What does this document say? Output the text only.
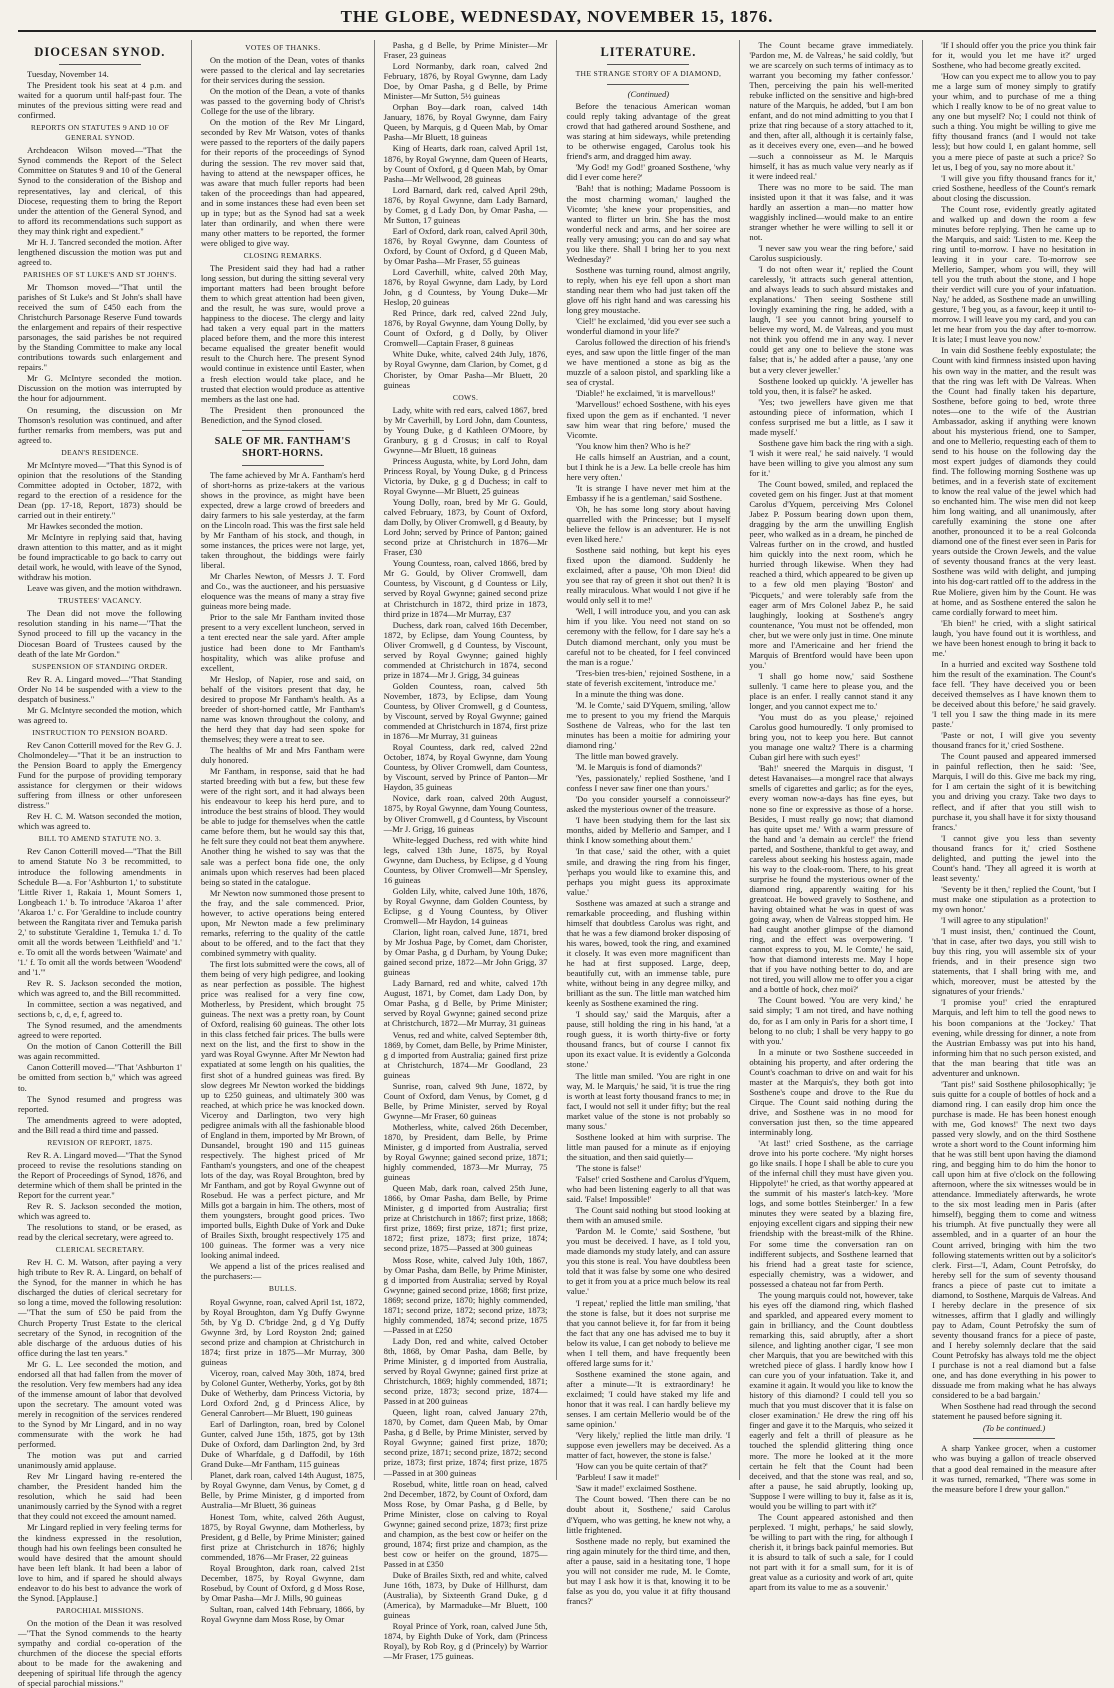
THE GLOBE, WEDNESDAY, NOVEMBER 15, 1876.
DIOCESAN SYNOD.

Tuesday, November 14.

The President took his seat at 4 p.m. and waited for a quorum until half-past four. The minutes of the previous sitting were read and confirmed.

REPORTS ON STATUTES 9 AND 10 OF GENERAL SYNOD.

Archdeacon Wilson moved—"That the Synod commends the Report of the Select Committee on Statutes 9 and 10 of the General Synod to the consideration of the Bishop and representatives, lay and clerical, of this Diocese, requesting them to bring the Report under the attention of the General Synod, and to afford its recommendations such support as they may think right and expedient."

Mr H. J. Tancred seconded the motion. After lengthened discussion the motion was put and agreed to.

PARISHES OF ST LUKE'S AND ST JOHN'S.

Mr Thomson moved—"That until the parishes of St Luke's and St John's shall have received the sum of £450 each from the Christchurch Parsonage Reserve Fund towards the enlargement and repairs of their respective parsonages, the said parishes be not required by the Standing Committee to make any local contributions towards such enlargement and repairs."

Mr G. McIntyre seconded the motion. Discussion on the motion was interrupted by the hour for adjournment.

On resuming, the discussion on Mr Thomson's resolution was continued, and after further remarks from members, was put and agreed to.

DEAN'S RESIDENCE.

Mr McIntyre moved—"That this Synod is of opinion that the resolutions of the Standing Committee adopted in October, 1872, with regard to the erection of a residence for the Dean (pp. 17-18, Report, 1873) should be carried out in their entirety."

Mr Hawkes seconded the motion.

Mr McIntyre in replying said that, having drawn attention to this matter, and as it might be found impracticable to go back to carry out detail work, he would, with leave of the Synod, withdraw his motion.

Leave was given, and the motion withdrawn.

TRUSTEES' VACANCY.

The Dean did not move the following resolution standing in his name—"That the Synod proceed to fill up the vacancy in the Diocesan Board of Trustees caused by the death of the late Mr Gordon."

SUSPENSION OF STANDING ORDER.

Rev R. A. Lingard moved—"That Standing Order No 14 be suspended with a view to the despatch of business."

Mr G. McIntyre seconded the motion, which was agreed to.

INSTRUCTION TO PENSION BOARD.

Rev Canon Cotterill moved for the Rev G. J. Cholmondeley—"That it be an instruction to the Pension Board to apply the Emergency Fund for the purpose of providing temporary assistance for clergymen or their widows suffering from illness or other unforeseen distress."

Rev H. C. M. Watson seconded the motion, which was agreed to.

BILL TO AMEND STATUTE NO. 3.

Rev Canon Cotterill moved—"That the Bill to amend Statute No 3 be recommitted, to introduce the following amendments in Schedule B—a. For 'Ashburton 1,' to substitute 'Little River 1, Rakaia 1, Mount Somers 1, Longbeach 1.' b. To introduce 'Akaroa 1' after 'Akaroa 1.' c. For 'Geraldine to include country between the Rangitata river and Temuka parish 2,' to substitute 'Geraldine 1, Temuka 1.' d. To omit all the words between 'Leithfield' and '1.' e. To omit all the words between 'Waimate' and '1.' f. To omit all the words between 'Woodend' and '1.'"

Rev R. S. Jackson seconded the motion, which was agreed to, and the Bill recommitted.

In committee, section a was negatived, and sections b, c, d, e, f, agreed to.

The Synod resumed, and the amendments agreed to were reported.

On the motion of Canon Cotterill the Bill was again recommitted.

Canon Cotterill moved—"That 'Ashburton 1' be omitted from section b," which was agreed to.

The Synod resumed and progress was reported.

The amendments agreed to were adopted, and the Bill read a third time and passed.

REVISION OF REPORT, 1875.

Rev R. A. Lingard moved—"That the Synod proceed to revise the resolutions standing on the Report of Proceedings of Synod, 1876, and determine which of them shall be printed in the Report for the current year."

Rev R. S. Jackson seconded the motion, which was agreed to.

The resolutions to stand, or be erased, as read by the clerical secretary, were agreed to.

CLERICAL SECRETARY.

Rev H. C. M. Watson, after paying a very high tribute to Rev R. A. Lingard, on behalf of the Synod, for the manner in which he has discharged the duties of clerical secretary for so long a time, moved the following resolution:—"That the sum of £50 be paid from the Church Property Trust Estate to the clerical secretary of the Synod, in recognition of the able discharge of the arduous duties of his office during the last ten years."

Mr G. L. Lee seconded the motion, and endorsed all that had fallen from the mover of the resolution. Very few members had any idea of the immense amount of labor that devolved upon the secretary. The amount voted was merely in recognition of the services rendered to the Synod by Mr Lingard, and in no way commensurate with the work he had performed.

The motion was put and carried unanimously amid applause.

Rev Mr Lingard having re-entered the chamber, the President handed him the resolution, which he said had been unanimously carried by the Synod with a regret that they could not exceed the amount named.

Mr Lingard replied in very feeling terms for the kindness expressed in the resolution, though had his own feelings been consulted he would have desired that the amount should have been left blank. It had been a labor of love to him, and if spared he should always endeavor to do his best to advance the work of the Synod. [Applause.]

PAROCHIAL MISSIONS.

On the motion of the Dean it was resolved—"That the Synod commends to the hearty sympathy and cordial co-operation of the churchmen of the diocese the special efforts about to be made for the awakening and deepening of spiritual life through the agency of special parochial missions."

VOTES OF THANKS.

On the motion of the Dean, votes of thanks were passed to the clerical and lay secretaries for their services during the session.

On the motion of the Dean, a vote of thanks was passed to the governing body of Christ's College for the use of the library.

On the motion of the Rev Mr Lingard, seconded by Rev Mr Watson, votes of thanks were passed to the reporters of the daily papers for their reports of the proceedings of Synod during the session. The rev mover said that, having to attend at the newspaper offices, he was aware that much fuller reports had been taken of the proceedings than had appeared, and in some instances these had even been set up in type; but as the Synod had sat a week later than ordinarily, and when there were many other matters to be reported, the former were obliged to give way.

CLOSING REMARKS.

The President said they had had a rather long session, but during the sitting several very important matters had been brought before them to which great attention had been given, and the result, he was sure, would prove a happiness to the diocese. The clergy and laity had taken a very equal part in the matters placed before them, and the more this interest became equalised the greater benefit would result to the Church here. The present Synod would continue in existence until Easter, when a fresh election would take place, and he trusted that election would produce as attentive members as the last one had.

The President then pronounced the Benediction, and the Synod closed.

SALE OF MR. FANTHAM'S SHORT-HORNS.

The fame achieved by Mr A. Fantham's herd of short-horns as prize-takers at the various shows in the province, as might have been expected, drew a large crowd of breeders and dairy farmers to his sale yesterday, at the farm on the Lincoln road. This was the first sale held by Mr Fantham of his stock, and though, in some instances, the prices were not large, yet, taken throughout, the biddings were fairly liberal.

Mr Charles Newton, of Messrs J. T. Ford and Co., was the auctioneer, and his persuasive eloquence was the means of many a stray five guineas more being made.

Prior to the sale Mr Fantham invited those present to a very excellent luncheon, served in a tent erected near the sale yard. After ample justice had been done to Mr Fantham's hospitality, which was alike profuse and excellent,

Mr Heslop, of Napier, rose and said, on behalf of the visitors present that day, he desired to propose Mr Fantham's health. As a breeder of short-horned cattle, Mr Fantham's name was known throughout the colony, and the herd they that day had seen spoke for themselves; they were a treat to see.

The healths of Mr and Mrs Fantham were duly honored.

Mr Fantham, in response, said that he had started breeding with but a few, but these few were of the right sort, and it had always been his endeavour to keep his herd pure, and to introduce the best strains of blood. They would be able to judge for themselves when the cattle came before them, but he would say this that, he felt sure they could not beat them anywhere. Another thing he wished to say was that the sale was a perfect bona fide one, the only animals upon which reserves had been placed being so stated in the catalogue.

Mr Newton now summoned those present to the fray, and the sale commenced. Prior, however, to active operations being entered upon, Mr Newton made a few preliminary remarks, referring to the quality of the cattle about to be offered, and to the fact that they combined symmetry with quality.

The first lots submitted were the cows, all of them being of very high pedigree, and looking as near perfection as possible. The highest price was realised for a very fine cow, Motherless, by President, which brought 75 guineas. The next was a pretty roan, by Count of Oxford, realising 60 guineas. The other lots in this class fetched fair prices. The bulls were next on the list, and the first to show in the yard was Royal Gwynne. After Mr Newton had expatiated at some length on his qualities, the first shot of a hundred guineas was fired. By slow degrees Mr Newton worked the biddings up to £250 guineas, and ultimately 300 was reached, at which price he was knocked down. Viceroy and Darlington, two very high pedigree animals with all the fashionable blood of England in them, imported by Mr Brown, of Dunsandel, brought 190 and 115 guineas respectively. The highest priced of Mr Fantham's youngsters, and one of the cheapest lots of the day, was Royal Broughton, bred by Mr Fantham, and got by Royal Gwynne out of Rosebud. He was a perfect picture, and Mr Mills got a bargain in him. The others, most of them youngsters, brought good prices. Two imported bulls, Eighth Duke of York and Duke of Brailes Sixth, brought respectively 175 and 100 guineas. The former was a very nice looking animal indeed.

We append a list of the prices realised and the purchasers:—

BULLS.

Royal Gwynne, roan, calved April 1st, 1872, by Royal Broughton, dam Yg Duffy Gwynne 5th, by Yg D. C'bridge 2nd, g d Yg Duffy Gwynne 3rd, by Lord Royston 2nd; gained second prize and champion at Christchurch in 1874; first prize in 1875—Mr Murray, 300 guineas

Viceroy, roan, calved May 30th, 1874, bred by Colonel Gunter, Wetherby, Yorks, got by 8th Duke of Wetherby, dam Princess Victoria, by Lord Oxford 2nd, g d Princess Alice, by General Canrobert—Mr Bluett, 190 guineas

Earl of Darlington, roan, bred by Colonel Gunter, calved June 15th, 1875, got by 13th Duke of Oxford, dam Darlington 2nd, by 3rd Duke of Wharfdale, g d Daffodil, by 16th Grand Duke—Mr Fantham, 115 guineas

Planet, dark roan, calved 14th August, 1875, by Royal Gwynne, dam Venus, by Comet, g d Belle, by Prime Minister, g d imported from Australia—Mr Bluett, 36 guineas

Honest Tom, white, calved 26th August, 1875, by Royal Gwynne, dam Motherless, by President, g d Belle, by Prime Minister; gained first prize at Christchurch in 1876; highly commended, 1876—Mr Fraser, 22 guineas

Royal Broughton, dark roan, calved 21st December, 1875, by Royal Gwynne, dam Rosebud, by Count of Oxford, g d Moss Rose, by Omar Pasha—Mr J. Mills, 90 guineas

Sultan, roan, calved 14th February, 1866, by Royal Gwynne dam Moss Rose, by Omar

Pasha, g d Belle, by Prime Minister—Mr Fraser, 23 guineas

Lord Normanby, dark roan, calved 2nd February, 1876, by Royal Gwynne, dam Lady Doe, by Omar Pasha, g d Belle, by Prime Minister—Mr Sutton, 5½ guineas

Orphan Boy—dark roan, calved 14th January, 1876, by Royal Gwynne, dam Fairy Queen, by Marquis, g d Queen Mab, by Omar Pasha—Mr Bluett, 18 guineas

King of Hearts, dark roan, calved April 1st, 1876, by Royal Gwynne, dam Queen of Hearts, by Count of Oxford, g d Queen Mab, by Omar Pasha—Mr Wellwood, 28 guineas

Lord Barnard, dark red, calved April 29th, 1876, by Royal Gwynne, dam Lady Barnard, by Comet, g d Lady Don, by Omar Pasha, —Mr Sutton, 17 guineas

Earl of Oxford, dark roan, calved April 30th, 1876, by Royal Gwynne, dam Countess of Oxford, by Count of Oxford, g d Queen Mab, by Omar Pasha—Mr Fraser, 55 guineas

Lord Caverhill, white, calved 20th May, 1876, by Royal Gwynne, dam Lady, by Lord John, g d Countess, by Young Duke—Mr Heslop, 20 guineas

Red Prince, dark red, calved 22nd July, 1876, by Royal Gwynne, dam Young Dolly, by Count of Oxford, g d Dolly, by Oliver Cromwell—Captain Fraser, 8 guineas

White Duke, white, calved 24th July, 1876, by Royal Gwynne, dam Clarion, by Comet, g d Chorister, by Omar Pasha—Mr Bluett, 20 guineas

COWS.

Lady, white with red ears, calved 1867, bred by Mr Caverhill, by Lord John, dam Countess, by Young Duke, g d Kathleen O'Moore, by Granbury, g g d Crosus; in calf to Royal Gwynne—Mr Bluett, 18 guineas

Princess Augusta, white, by Lord John, dam Princess Royal, by Young Duke, g d Princess Victoria, by Duke, g g d Duchess; in calf to Royal Gwynne—Mr Bluett, 25 guineas

Young Dolly, roan, bred by Mr G. Gould, calved February, 1873, by Count of Oxford, dam Dolly, by Oliver Cromwell, g d Beauty, by Lord John; served by Prince of Panton; gained second prize at Christchurch in 1876—Mr Fraser, £30

Young Countess, roan, calved 1866, bred by Mr G. Gould, by Oliver Cromwell, dam Countess, by Viscount, g d Countess or Lily, served by Royal Gwynne; gained second prize at Christchurch in 1872, third prize in 1873, third prize in 1874—Mr Murray, £37

Duchess, dark roan, calved 16th December, 1872, by Eclipse, dam Young Countess, by Oliver Cromwell, g d Countess, by Viscount, served by Royal Gwynne; gained highly commended at Christchurch in 1874, second prize in 1874—Mr J. Grigg, 34 guineas

Golden Countess, roan, calved 5th November, 1873, by Eclipse, dam Young Countess, by Oliver Cromwell, g d Countess, by Viscount, served by Royal Gwynne; gained commended at Christchurch in 1874, first prize in 1876—Mr Murray, 31 guineas

Royal Countess, dark red, calved 22nd October, 1874, by Royal Gwynne, dam Young Countess, by Oliver Cromwell, dam Countess, by Viscount, served by Prince of Panton—Mr Haydon, 35 guineas

Novice, dark roan, calved 20th August, 1875, by Royal Gwynne, dam Young Countess, by Oliver Cromwell, g d Countess, by Viscount—Mr J. Grigg, 16 guineas

White-legged Duchess, red with white hind legs, calved 13th June, 1875, by Royal Gwynne, dam Duchess, by Eclipse, g d Young Countess, by Oliver Cromwell—Mr Spensley, 16 guineas

Golden Lily, white, calved June 10th, 1876, by Royal Gwynne, dam Golden Countess, by Eclipse, g d Young Countess, by Oliver Cromwell—Mr Haydon, 14 guineas

Clarion, light roan, calved June, 1871, bred by Mr Joshua Page, by Comet, dam Chorister, by Omar Pasha, g d Durham, by Young Duke; gained second prize, 1872—Mr John Grigg, 37 guineas

Lady Barnard, red and white, calved 17th August, 1871, by Comet, dam Lady Don, by Omar Pasha, g d Belle, by Prime Minister; served by Royal Gwynne; gained second prize at Christchurch, 1872—Mr Murray, 31 guineas

Venus, red and white, calved September 8th, 1869, by Comet, dam Belle, by Prime Minister, g d imported from Australia; gained first prize at Christchurch, 1874—Mr Goodland, 23 guineas

Sunrise, roan, calved 9th June, 1872, by Count of Oxford, dam Venus, by Comet, g d Belle, by Prime Minister, served by Royal Gwynne—Mr Fraser, 60 guineas

Motherless, white, calved 26th December, 1870, by President, dam Belle, by Prime Minister, g d imported from Australia, served by Royal Gwynne; gained second prize, 1871; highly commended, 1873—Mr Murray, 75 guineas

Queen Mab, dark roan, calved 25th June, 1866, by Omar Pasha, dam Belle, by Prime Minister, g d imported from Australia; first prize at Christchurch in 1867; first prize, 1868; first prize, 1869; first prize, 1871; first prize, 1872; first prize, 1873; first prize, 1874; second prize, 1875—Passed at 300 guineas

Moss Rose, white, calved July 10th, 1867, by Omar Pasha, dam Belle, by Prime Minister, g d imported from Australia; served by Royal Gwynne; gained second prize, 1868; first prize, 1869; second prize, 1870; highly commended, 1871; second prize, 1872; second prize, 1873; highly commended, 1874; second prize, 1875—Passed in at £250

Lady Don, red and white, calved October 8th, 1868, by Omar Pasha, dam Belle, by Prime Minister, g d imported from Australia, served by Royal Gwynne; gained first prize at Christchurch, 1869; highly commended, 1871; second prize, 1873; second prize, 1874—Passed in at 200 guineas

Queen, light roan, calved January 27th, 1870, by Comet, dam Queen Mab, by Omar Pasha, g d Belle, by Prime Minister, served by Royal Gwynne; gained first prize, 1870; second prize, 1871; second prize, 1872; second prize, 1873; first prize, 1874; first prize, 1875—Passed in at 300 guineas

Rosebud, white, little roan on head, calved 2nd December, 1872, by Count of Oxford, dam Moss Rose, by Omar Pasha, g d Belle, by Prime Minister, close on calving to Royal Gwynne; gained second prize, 1873; first prize and champion, as the best cow or heifer on the ground, 1874; first prize and champion, as the best cow or heifer on the ground, 1875—Passed in at £350

Duke of Brailes Sixth, red and white, calved June 16th, 1873, by Duke of Hillhurst, dam (Australia), by Sixteenth Grand Duke, g d (America), by Marmaduke—Mr Bluett, 100 guineas

Royal Prince of York, roan, calved June 5th, 1874, by Eighth Duke of York, dam (Princess Royal), by Rob Roy, g d (Princely) by Warrior—Mr Fraser, 175 guineas.

LITERATURE.
THE STRANGE STORY OF A DIAMOND,
(Continued)

Before the tenacious American woman could reply taking advantage of the great crowd that had gathered around Sosthene, and was staring at him sideways, while pretending to be otherwise engaged, Carolus took his friend's arm, and dragged him away.

'My God! my God!' groaned Sosthene, 'why did I ever come here?'

'Bah! that is nothing; Madame Possoom is the most charming woman,' laughed the Vicomte; 'she knew your propensities, and wanted to flirter un brin. She has the most wonderful neck and arms, and her soiree are really very amusing; you can do and say what you like there. Shall I bring her to you next Wednesday?'

Sosthene was turning round, almost angrily, to reply, when his eye fell upon a short man standing near them who had just taken off the glove off his right hand and was caressing his long grey moustache.

'Ciel!' he exclaimed, 'did you ever see such a wonderful diamond in your life?'

Carolus followed the direction of his friend's eyes, and saw upon the little finger of the man we have mentioned a stone as big as the muzzle of a saloon pistol, and sparkling like a sea of crystal.

'Diable!' he exclaimed, 'it is marvellous!'

'Marvellous!' echoed Sosthene, with his eyes fixed upon the gem as if enchanted. 'I never saw him wear that ring before,' mused the Vicomte.

'You know him then? Who is he?'

He calls himself an Austrian, and a count, but I think he is a Jew. La belle creole has him here very often.'

'It is strange I have never met him at the Embassy if he is a gentleman,' said Sosthene.

'Oh, he has some long story about having quarrelled with the Princesse; but I myself believe the fellow is an adventurer. He is not even liked here.'

Sosthene said nothing, but kept his eyes fixed upon the diamond. Suddenly he exclaimed, after a pause, 'Oh mon Dieu! did you see that ray of green it shot out then? It is really miraculous. What would I not give if he would only sell it to me!'

'Well, I will introduce you, and you can ask him if you like. You need not stand on so ceremony with the fellow, for I dare say he's a Dutch diamond merchant, only you must be careful not to be cheated, for I feel convinced the man is a rogue.'

'Tres-bien tres-bien,' rejoined Sosthene, in a state of feverish excitement, 'introduce me.'

In a minute the thing was done.

'M. le Comte,' said D'Yquem, smiling, 'allow me to present to you my friend the Marquis Sosthene de Valreas, who for the last ten minutes has been a moitie for admiring your diamond ring.'

The little man bowed gravely.

'M. le Marquis is fond of diamonds?'

'Yes, passionately,' replied Sosthene, 'and I confess I never saw finer one than yours.'

'Do you consider yourself a connoisseur?' asked the mysterious owner of the treasure.

'I have been studying them for the last six months, aided by Mellerio and Samper, and I think I know something about them.'

'In that case,' said the other, with a quiet smile, and drawing the ring from his finger, 'perhaps you would like to examine this, and perhaps you might guess its approximate value.'

Sosthene was amazed at such a strange and remarkable proceeding, and flushing within himself that doubtless Carolus was right, and that he was a few diamond broker disposing of his wares, bowed, took the ring, and examined it closely. It was even more magnificent than he had at first supposed. Large, deep, beautifully cut, with an immense table, pure white, without being in any degree milky, and brilliant as the sun. The little man watched him keenly as Sosthene examined the ring.

'I should say,' said the Marquis, after a pause, still holding the ring in his hand, 'at a rough guess, it is worth thirty-five or forty thousand francs, but of course I cannot fix upon its exact value. It is evidently a Golconda stone.'

The little man smiled. 'You are right in one way, M. le Marquis,' he said, 'it is true the ring is worth at least forty thousand francs to me; in fact, I would not sell it under fifty; but the real market value of the stone is not probably so many sous.'

Sosthene looked at him with surprise. The little man paused for a minute as if enjoying the situation, and then said quietly—

'The stone is false!'

'False!' cried Sosthene and Carolus d'Yquem, who had been listening eagerly to all that was said. 'False! Impossible!'

The Count said nothing but stood looking at them with an amused smile.

'Pardon M. le Comte,' said Sosthene, 'but you must be deceived. I have, as I told you, made diamonds my study lately, and can assure you this stone is real. You have doubtless been told that it was false by some one who desired to get it from you at a price much below its real value.'

'I repeat,' replied the little man smiling, 'that the stone is false, but it does not surprise me that you cannot believe it, for far from it being the fact that any one has advised me to buy it below its value, I can get nobody to believe me when I tell them, and have frequently been offered large sums for it.'

Sosthene examined the stone again, and after a minute—'It is extraordinary! he exclaimed; 'I could have staked my life and honor that it was real. I can hardly believe my senses. I am certain Mellerio would be of the same opinion.'

'Very likely,' replied the little man drily. 'I suppose even jewellers may be deceived. As a matter of fact, however, the stone is false.'

'How can you be quite certain of that?'

'Parbleu! I saw it made!'

'Saw it made!' exclaimed Sosthene.

The Count bowed. 'Then there can be no doubt about it, Sosthene,' said Carolus d'Yquem, who was getting, he knew not why, a little frightened.

Sosthene made no reply, but examined the ring again minutely for the third time, and then, after a pause, said in a hesitating tone, 'I hope you will not consider me rude, M. le Comte, but may I ask how it is that, knowing it to be false as you do, you value it at fifty thousand francs?'

The Count became grave immediately. 'Pardon me, M. de Valreas,' he said coldly, 'but we are scarcely on such terms of intimacy as to warrant you becoming my father confessor.' Then, perceiving the pain his well-merited rebuke inflicted on the sensitive and high-bred nature of the Marquis, he added, 'but I am bon enfant, and do not mind admitting to you that I prize that ring because of a story attached to it, and then, after all, although it is certainly false, as it deceives every one, even—and he bowed—such a connoisseur as M. le Marquis himself, it has as much value very nearly as if it were indeed real.'

There was no more to be said. The man insisted upon it that it was false, and it was hardly an assertion a man—no matter how waggishly inclined—would make to an entire stranger whether he were willing to sell it or not.

'I never saw you wear the ring before,' said Carolus suspiciously.

'I do not often wear it,' replied the Count carelessly, 'it attracts such general attention, and always leads to such absurd mistakes and explanations.' Then seeing Sosthene still lovingly examining the ring, he added, with a laugh, 'I see you cannot bring yourself to believe my word, M. de Valreas, and you must not think you offend me in any way. I never could get any one to believe the stone was false; that is,' he added after a pause, 'any one but a very clever jeweller.'

Sosthene looked up quickly. 'A jeweller has told you, then, it is false?' he asked.

'Yes; two jewellers have given me that astounding piece of information, which I confess surprised me but a little, as I saw it made myself.'

Sosthene gave him back the ring with a sigh. 'I wish it were real,' he said naively. 'I would have been willing to give you almost any sum for it.'

The Count bowed, smiled, and replaced the coveted gem on his finger. Just at that moment Carolus d'Yquem, perceiving Mrs Colonel Jabez P. Possum bearing down upon them, dragging by the arm the unwilling English peer, who walked as in a dream, he pinched de Valreas further on in the crowd, and hustled him quickly into the next room, which he hurried through likewise. When they had reached a third, which appeared to be given up to a few old men playing 'Boston' and 'Picquets,' and were tolerably safe from the eager arm of Mrs Colonel Jabez P., he said laughingly, looking at Sosthene's angry countenance, 'You must not be offended, mon cher, but we were only just in time. One minute more and l'Americaine and her friend the Marquis of Brentford would have been upon you.'

'I shall go home now,' said Sosthene sullenly. 'I came here to please you, and the place is an enfer. I really cannot stand it any longer, and you cannot expect me to.'

'You must do as you please,' rejoined Carolus good humouredly. 'I only promised to bring you, not to keep you here. But cannot you manage one waltz? There is a charming Cuban girl here with such eyes!'

'Bah!' sneered the Marquis in disgust, 'I detest Havanaises—a mongrel race that always smells of cigarettes and garlic; as for the eyes, every woman now-a-days has fine eyes, but none so fine or expressive as those of a horse. Besides, I must really go now; that diamond has quite upset me.' With a warm pressure of the hand and 'a demain au cercle!' the friend parted, and Sosthene, thankful to get away, and careless about seeking his hostess again, made his way to the cloak-room. There, to his great surprise he found the mysterious owner of the diamond ring, apparently waiting for his greatcoat. He bowed gravely to Sosthene, and having obtained what he was in quest of was going away, when de Valreas stopped him. He had caught another glimpse of the diamond ring, and the effect was overpowering. 'I cannot express to you, M. le Comte,' he said, 'how that diamond interests me. May I hope that if you have nothing better to do, and are not tired, you will allow me to offer you a cigar and a bottle of hock, chez moi?'

The Count bowed. 'You are very kind,' he said simply; 'I am not tired, and have nothing do, for as I am only in Paris for a short time, I belong to no club; I shall be very happy to go with you.'

In a minute or two Sosthene succeeded in obtaining his property, and after ordering the Count's coachman to drive on and wait for his master at the Marquis's, they both got into Sosthene's coupe and drove to the Rue du Cirque. The Count said nothing during the drive, and Sosthene was in no mood for conversation just then, so the time appeared interminably long.

'At last!' cried Sosthene, as the carriage drove into his porte cochere. 'My night horses go like snails. I hope I shall be able to cure you of the infernal chill they must have given you. Hippolyte!' he cried, as that worthy appeared at the summit of his master's latch-key. 'More logs, and some bottles Steinberger.' In a few minutes they were seated by a blazing fire, enjoying excellent cigars and sipping their new friendship with the breast-milk of the Rhine. For some time the conversation ran on indifferent subjects, and Sosthene learned that his friend had a great taste for science, especially chemistry, was a widower, and possessed a chateau not far from Perth.

The young marquis could not, however, take his eyes off the diamond ring, which flashed and sparkled, and appeared every moment to gain in brilliancy, and the Count doubtless remarking this, said abruptly, after a short silence, and lighting another cigar, 'I see mon cher Marquis, that you are bewitched with this wretched piece of glass. I hardly know how I can cure you of your infatuation. Take it, and examine it again. It would you like to know the history of this diamond? I could tell you so much that you must discover that it is false on closer examination.' He drew the ring off his finger and gave it to the Marquis, who seized it eagerly and felt a thrill of pleasure as he touched the splendid glittering thing once more. The more he looked at it the more certain he felt that the Count had been deceived, and that the stone was real, and so, after a pause, he said abruptly, looking up, 'Suppose I were willing to buy it, false as it is, would you be willing to part with it?'

The Count appeared astonished and then perplexed. 'I might, perhaps,' he said slowly, 'be willing to part with the ring, for although I cherish it, it brings back painful memories. But it is absurd to talk of such a sale, for I could not part with it for a small sum, for it is of great value as a curiosity and work of art, quite apart from its value to me as a souvenir.'

'If I should offer you the price you think fair for it, would you let me have it?' urged Sosthene, who had become greatly excited.

'How can you expect me to allow you to pay me a large sum of money simply to gratify your whim, and to purchase of me a thing which I really know to be of no great value to any one but myself? No; I could not think of such a thing. You might be willing to give me fifty thousand francs (and I would not take less); but how could I, en galant homme, sell you a mere piece of paste at such a price? So let us, I beg of you, say no more about it.'

'I will give you fifty thousand francs for it,' cried Sosthene, heedless of the Count's remark about closing the discussion.

The Count rose, evidently greatly agitated and walked up and down the room a few minutes before replying. Then he came up to the Marquis, and said: 'Listen to me. Keep the ring until to-morrow. I have no hesitation in leaving it in your care. To-morrow see Mellerio, Samper, whom you will, they will tell you the truth about the stone, and I hope their verdict will cure you of your infatuation. Nay,' he added, as Sosthene made an unwilling gesture, 'I beg you, as a favour, keep it until to-morrow. I will leave you my card, and you can let me hear from you the day after to-morrow. It is late; I must leave you now.'

In vain did Sosthene feebly expostulate; the Count with kind firmness insisted upon having his own way in the matter, and the result was that the ring was left with De Valreas. When the Count had finally taken his departure, Sosthene, before going to bed, wrote three notes—one to the wife of the Austrian Ambassador, asking if anything were known about his mysterious friend, one to Samper, and one to Mellerio, requesting each of them to send to his house on the following day the most expert judges of diamonds they could find. The following morning Sosthene was up betimes, and in a feverish state of excitement to know the real value of the jewel which had so enchanted him. The wise men did not keep him long waiting, and all unanimously, after carefully examining the stone one after another, pronounced it to be a real Golconda diamond one of the finest ever seen in Paris for years outside the Crown Jewels, and the value of seventy thousand francs at the very least. Sosthene was wild with delight, and jumping into his dog-cart rattled off to the address in the Rue Moliere, given him by the Count. He was at home, and as Sosthene entered the salon he came cordially forward to meet him.

'Eh bien!' he cried, with a slight satirical laugh, 'you have found out it is worthless, and we have been honest enough to bring it back to me.'

In a hurried and excited way Sosthene told him the result of the examination. The Count's face fell. 'They have deceived you or been deceived themselves as I have known them to be deceived about this before,' he said gravely. 'I tell you I saw the thing made in its mere paste.'

'Paste or not, I will give you seventy thousand francs for it,' cried Sosthene.

The Count paused and appeared immersed in painful reflection, then he said: 'See, Marquis, I will do this. Give me back my ring, for I am certain the sight of it is bewitching you and driving you crazy. Take two days to reflect, and if after that you still wish to purchase it, you shall have it for sixty thousand francs.'

'I cannot give you less than seventy thousand francs for it,' cried Sosthene delighted, and putting the jewel into the Count's hand. 'They all agreed it is worth at least seventy.'

'Seventy be it then,' replied the Count, 'but I must make one stipulation as a protection to my own honor.'

'I will agree to any stipulation!'

'I must insist, then,' continued the Count, 'that in case, after two days, you still wish to buy this ring, you will assemble six of your friends, and in their presence sign two statements, that I shall bring with me, and which, moreover, must be attested by the signatures of your friends.'

'I promise you!' cried the enraptured Marquis, and left him to tell the good news to his boon companions at the 'Jockey.' That evening, while dressing for dinner, a note from the Austrian Embassy was put into his hand, informing him that no such person existed, and that the man bearing that title was an adventurer and unknown.

'Tant pis!' said Sosthene philosophically; 'je suis quitte for a couple of bottles of hock and a diamond ring. I can easily drop him once the purchase is made. He has been honest enough with me, God knows!' The next two days passed very slowly, and on the third Sosthene wrote a short word to the Count informing him that he was still bent upon having the diamond ring, and begging him to do him the honor to call upon him at five o'clock on the following afternoon, where the six witnesses would be in attendance. Immediately afterwards, he wrote to the six most leading men in Paris (after himself), begging them to come and witness his triumph. At five punctually they were all assembled, and in a quarter of an hour the Count arrived, bringing with him the two following statements written out by a solicitor's clerk. First—'I, Adam, Count Petrofsky, do hereby sell for the sum of seventy thousand francs a piece of paste cut to imitate a diamond, to Sosthene, Marquis de Valreas. And I hereby declare in the presence of six witnesses, affirm that I gladly and willingly pay to Adam, Count Petrofsky the sum of seventy thousand francs for a piece of paste, and I hereby solemnly declare that the said Count Petrofsky has always told me the object I purchase is not a real diamond but a false one, and has done everything in his power to dissuade me from making what he has always considered to be a bad bargain.'

When Sosthene had read through the second statement he paused before signing it.

(To be continued.)

A sharp Yankee grocer, when a customer who was buying a gallon of treacle observed that a good deal remained in the measure after it was turned, remarked, "There was some in the measure before I drew your gallon."
